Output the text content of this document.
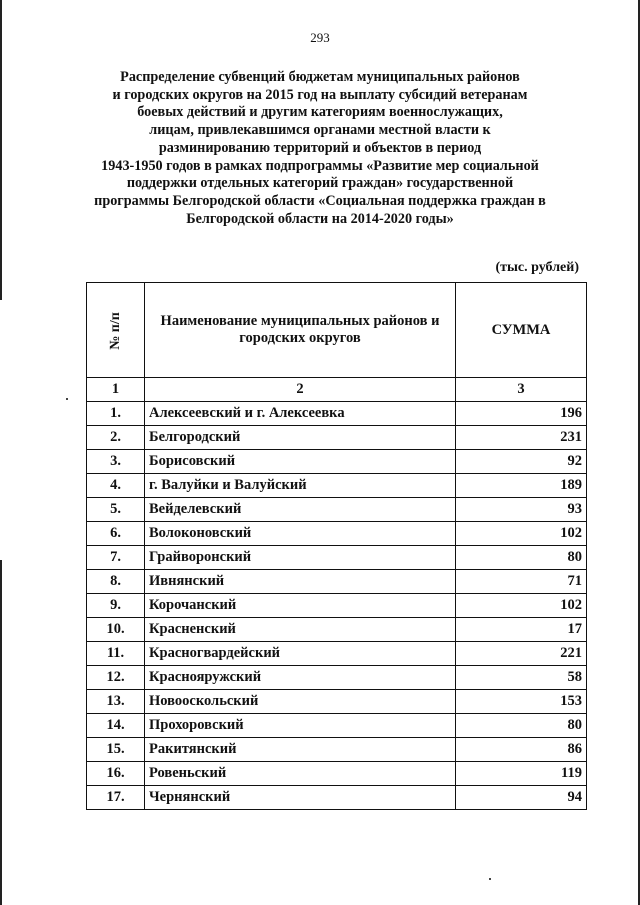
293
Распределение субвенций бюджетам муниципальных районов
и городских округов на 2015 год на выплату субсидий ветеранам
боевых действий и другим категориям военнослужащих,
лицам, привлекавшимся органами местной власти к
разминированию территорий и объектов в период
1943-1950 годов в рамках подпрограммы «Развитие мер социальной
поддержки отдельных категорий граждан» государственной
программы Белгородской области «Социальная поддержка граждан в
Белгородской области на 2014-2020 годы»
(тыс. рублей)
№ п/п	Наименование муниципальных районов и городских округов	СУММА
1	2	3
1.	Алексеевский и г. Алексеевка	196
2.	Белгородский	231
3.	Борисовский	92
4.	г. Валуйки и Валуйский	189
5.	Вейделевский	93
6.	Волоконовский	102
7.	Грайворонский	80
8.	Ивнянский	71
9.	Корочанский	102
10.	Красненский	17
11.	Красногвардейский	221
12.	Краснояружский	58
13.	Новооскольский	153
14.	Прохоровский	80
15.	Ракитянский	86
16.	Ровеньский	119
17.	Чернянский	94
